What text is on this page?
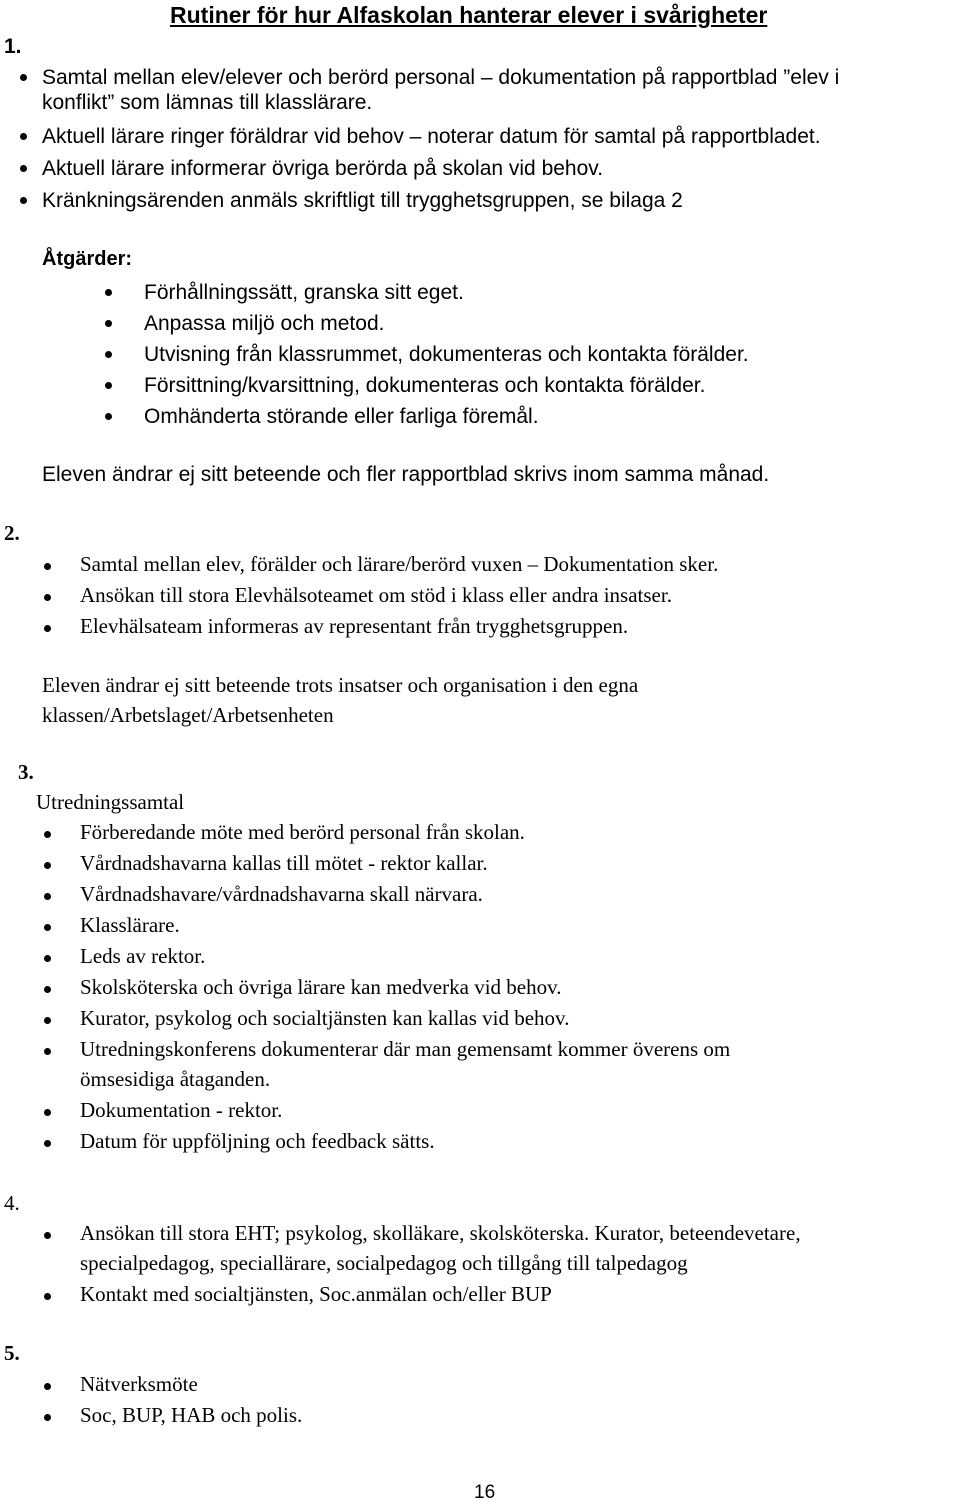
Rutiner för hur Alfaskolan hanterar elever i svårigheter
1.
Samtal mellan elev/elever och berörd personal – dokumentation på rapportblad ”elev i
konflikt” som lämnas till klasslärare.
Aktuell lärare ringer föräldrar vid behov – noterar datum för samtal på rapportbladet.
Aktuell lärare informerar övriga berörda på skolan vid behov.
Kränkningsärenden anmäls skriftligt till trygghetsgruppen, se bilaga 2
Åtgärder:
Förhållningssätt, granska sitt eget.
Anpassa miljö och metod.
Utvisning från klassrummet, dokumenteras och kontakta förälder.
Försittning/kvarsittning, dokumenteras och kontakta förälder.
Omhänderta störande eller farliga föremål.
Eleven ändrar ej sitt beteende och fler rapportblad skrivs inom samma månad.
2.
Samtal mellan elev, förälder och lärare/berörd vuxen – Dokumentation sker.
Ansökan till stora Elevhälsoteamet om stöd i klass eller andra insatser.
Elevhälsateam informeras av representant från trygghetsgruppen.
Eleven ändrar ej sitt beteende trots insatser och organisation i den egna
klassen/Arbetslaget/Arbetsenheten
3.
Utredningssamtal
Förberedande möte med berörd personal från skolan.
Vårdnadshavarna kallas till mötet - rektor kallar.
Vårdnadshavare/vårdnadshavarna skall närvara.
Klasslärare.
Leds av rektor.
Skolsköterska och övriga lärare kan medverka vid behov.
Kurator, psykolog och socialtjänsten kan kallas vid behov.
Utredningskonferens dokumenterar där man gemensamt kommer överens om
ömsesidiga åtaganden.
Dokumentation - rektor.
Datum för uppföljning och feedback sätts.
4.
Ansökan till stora EHT; psykolog, skolläkare, skolsköterska. Kurator, beteendevetare,
specialpedagog, speciallärare, socialpedagog och tillgång till talpedagog
Kontakt med socialtjänsten, Soc.anmälan och/eller BUP
5.
Nätverksmöte
Soc, BUP, HAB och polis.
16
